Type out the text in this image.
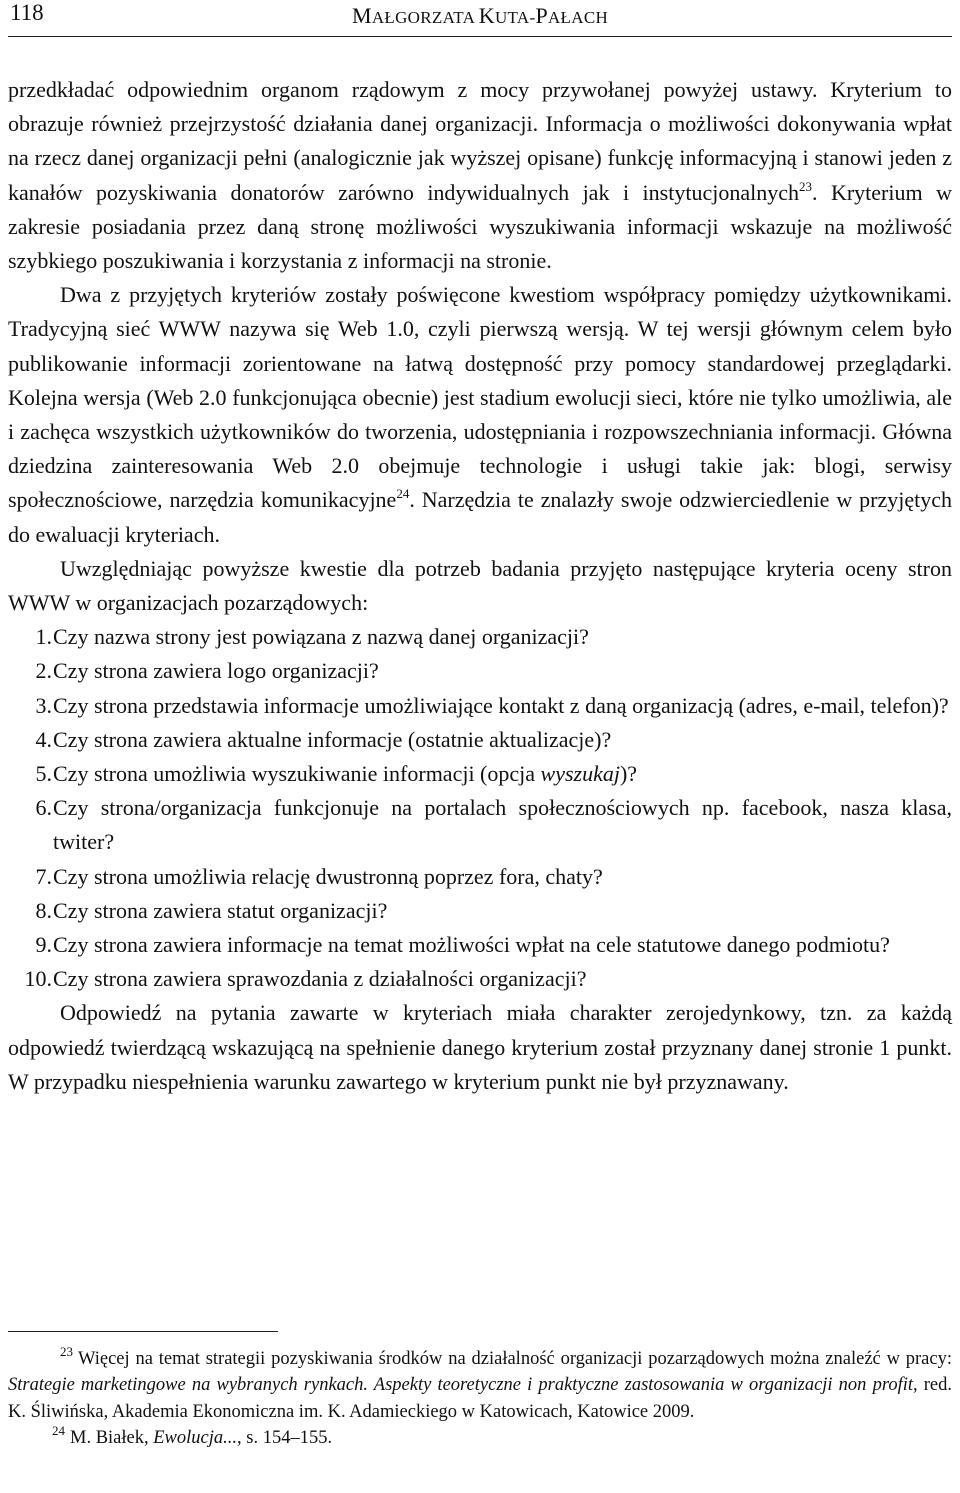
118	MAŁGORZATA KUTA-PAŁACH

przedkładać odpowiednim organom rządowym z mocy przywołanej powyżej ustawy. Kryterium to obrazuje również przejrzystość działania danej organizacji. Informacja o możliwości dokonywania wpłat na rzecz danej organizacji pełni (analogicznie jak wyższej opisane) funkcję informacyjną i stanowi jeden z kanałów pozyskiwania donatorów zarówno indywidualnych jak i instytucjonalnych$^{23}$. Kryterium w zakresie posiadania przez daną stronę możliwości wyszukiwania informacji wskazuje na możliwość szybkiego poszukiwania i korzystania z informacji na stronie.

Dwa z przyjętych kryteriów zostały poświęcone kwestiom współpracy pomiędzy użytkownikami. Tradycyjną sieć WWW nazywa się Web 1.0, czyli pierwszą wersją. W tej wersji głównym celem było publikowanie informacji zorientowane na łatwą dostępność przy pomocy standardowej przeglądarki. Kolejna wersja (Web 2.0 funkcjonująca obecnie) jest stadium ewolucji sieci, które nie tylko umożliwia, ale i zachęca wszystkich użytkowników do tworzenia, udostępniania i rozpowszechniania informacji. Główna dziedzina zainteresowania Web 2.0 obejmuje technologie i usługi takie jak: blogi, serwisy społecznościowe, narzędzia komunikacyjne$^{24}$. Narzędzia te znalazły swoje odzwierciedlenie w przyjętych do ewaluacji kryteriach.

Uwzględniając powyższe kwestie dla potrzeb badania przyjęto następujące kryteria oceny stron WWW w organizacjach pozarządowych:

1. Czy nazwa strony jest powiązana z nazwą danej organizacji?
2. Czy strona zawiera logo organizacji?
3. Czy strona przedstawia informacje umożliwiające kontakt z daną organizacją (adres, e-mail, telefon)?
4. Czy strona zawiera aktualne informacje (ostatnie aktualizacje)?
5. Czy strona umożliwia wyszukiwanie informacji (opcja wyszukaj)?
6. Czy strona/organizacja funkcjonuje na portalach społecznościowych np. facebook, nasza klasa, twiter?
7. Czy strona umożliwia relację dwustronną poprzez fora, chaty?
8. Czy strona zawiera statut organizacji?
9. Czy strona zawiera informacje na temat możliwości wpłat na cele statutowe danego podmiotu?
10. Czy strona zawiera sprawozdania z działalności organizacji?

Odpowiedź na pytania zawarte w kryteriach miała charakter zerojedynkowy, tzn. za każdą odpowiedź twierdzącą wskazującą na spełnienie danego kryterium został przyznany danej stronie 1 punkt. W przypadku niespełnienia warunku zawartego w kryterium punkt nie był przyznawany.

$^{23}$ Więcej na temat strategii pozyskiwania środków na działalność organizacji pozarządowych można znaleźć w pracy: Strategie marketingowe na wybranych rynkach. Aspekty teoretyczne i praktyczne zastosowania w organizacji non profit, red. K. Śliwińska, Akademia Ekonomiczna im. K. Adamieckiego w Katowicach, Katowice 2009.

$^{24}$ M. Białek, Ewolucja..., s. 154–155.
